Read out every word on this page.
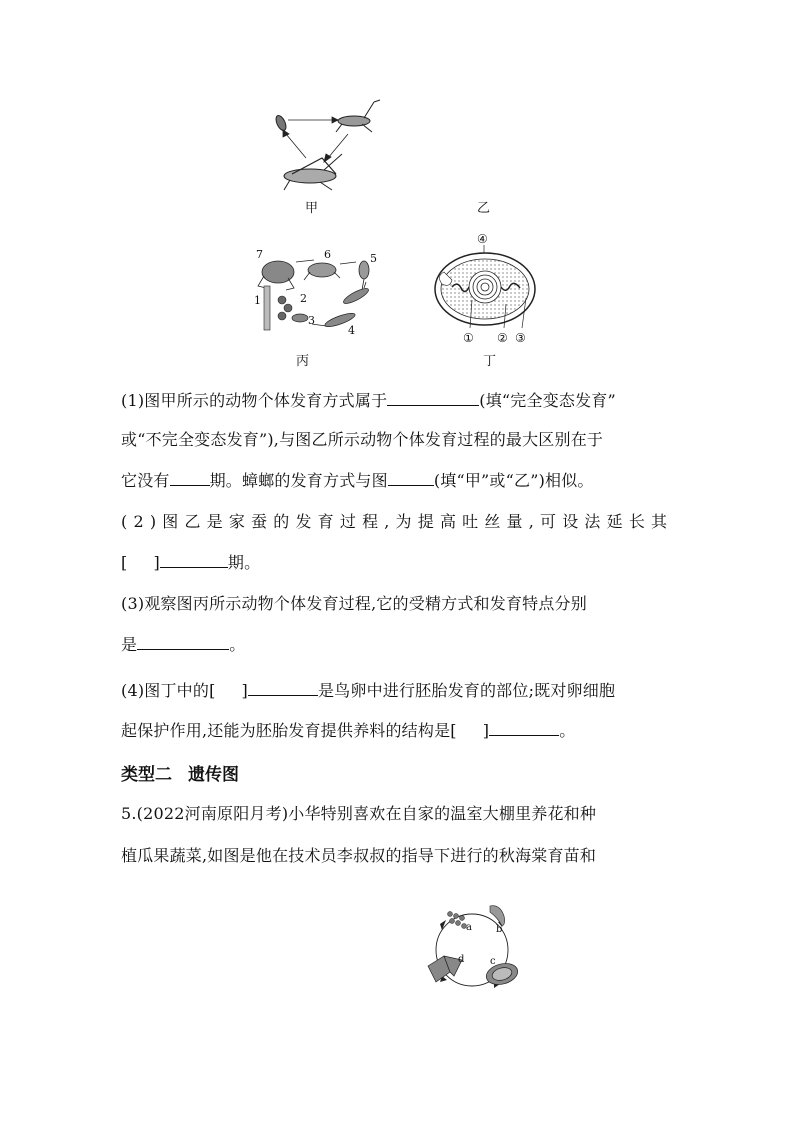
甲	乙
7	6	5
1	2
3
4
④
① ② ③
丙	丁
(1)图甲所示的动物个体发育方式属于	(填“完全变态发育”
或“不完全变态发育”),与图乙所示动物个体发育过程的最大区别在于
它没有	期。蟑螂的发育方式与图	(填“甲”或“乙”)相似。
(2)图乙是家蚕的发育过程,为提高吐丝量,可设法延长其
[ ]	期。
(3)观察图丙所示动物个体发育过程,它的受精方式和发育特点分别
是	。
(4)图丁中的[ ]	是鸟卵中进行胚胎发育的部位;既对卵细胞
起保护作用,还能为胚胎发育提供养料的结构是[ ]	。
类型二 遗传图
5.(2022河南原阳月考)小华特别喜欢在自家的温室大棚里养花和种
植瓜果蔬菜,如图是他在技术员李叔叔的指导下进行的秋海棠育苗和
a b
c
d
